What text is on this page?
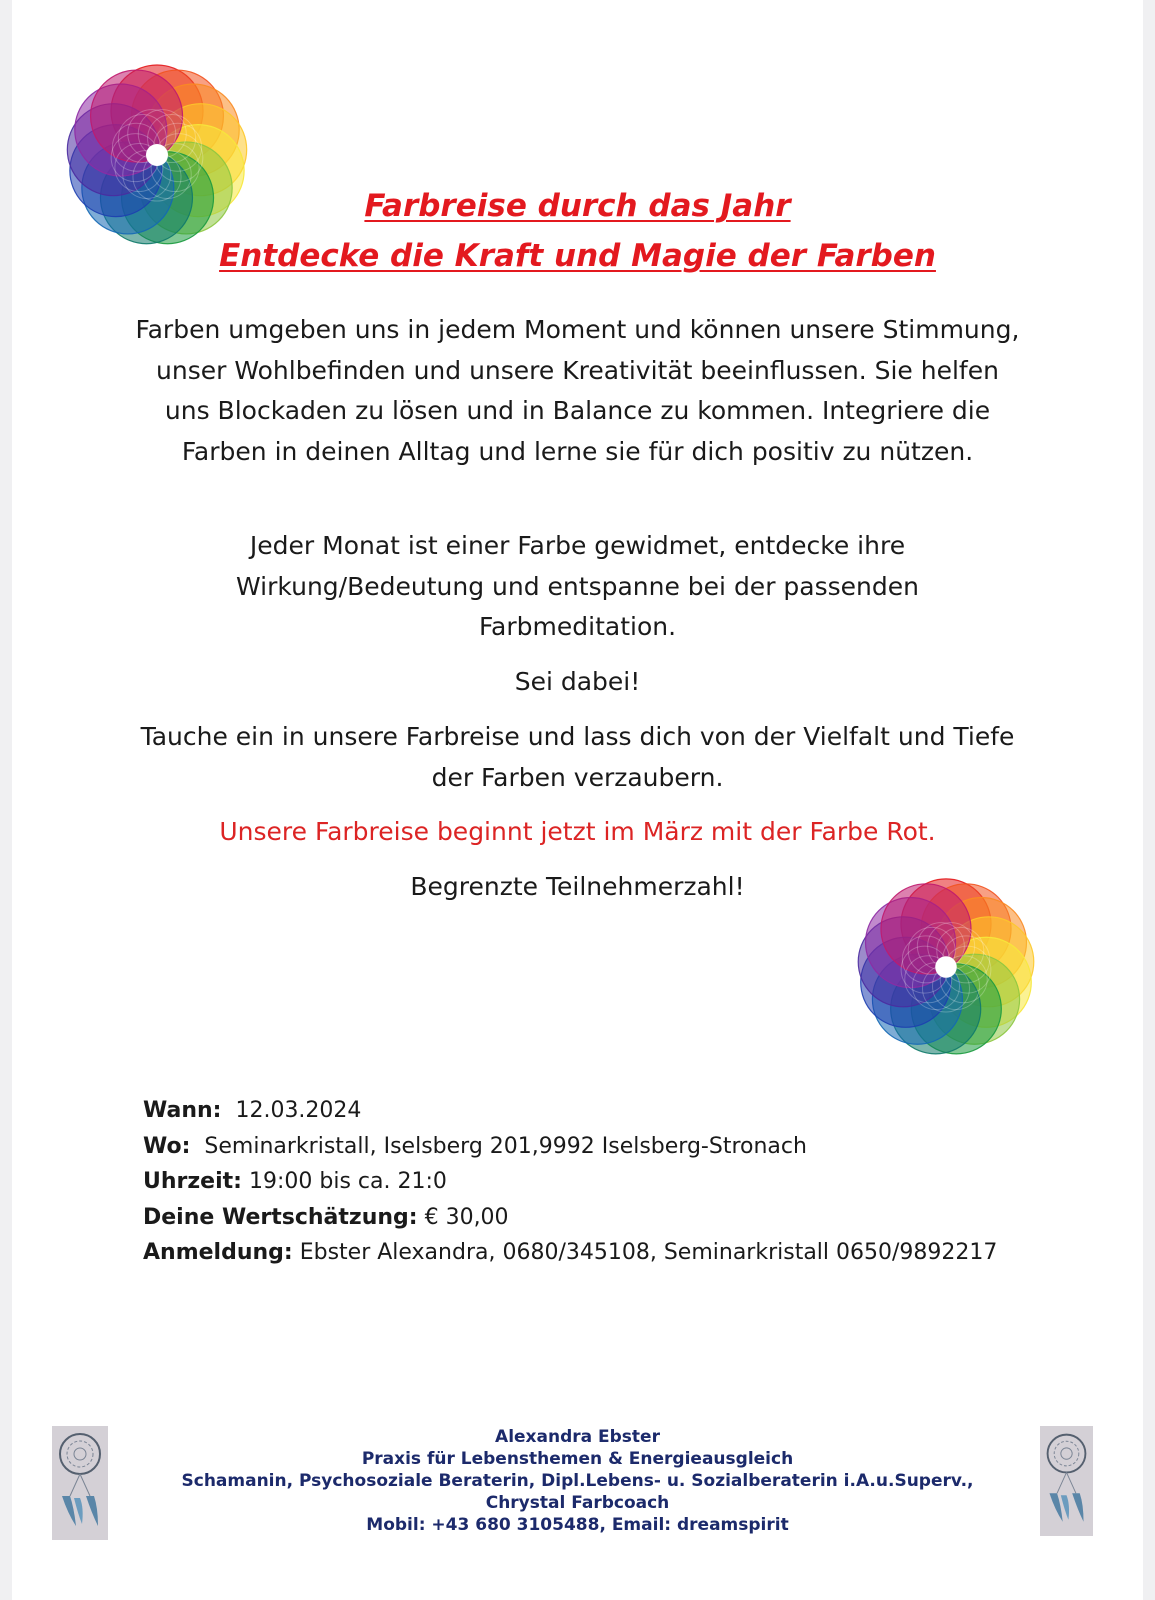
Farbreise durch das Jahr
Entdecke die Kraft und Magie der Farben

Farben umgeben uns in jedem Moment und können unsere Stimmung, unser Wohlbefinden und unsere Kreativität beeinflussen. Sie helfen uns Blockaden zu lösen und in Balance zu kommen. Integriere die Farben in deinen Alltag und lerne sie für dich positiv zu nützen.

Jeder Monat ist einer Farbe gewidmet, entdecke ihre Wirkung/Bedeutung und entspanne bei der passenden Farbmeditation.

Sei dabei!

Tauche ein in unsere Farbreise und lass dich von der Vielfalt und Tiefe der Farben verzaubern.

Unsere Farbreise beginnt jetzt im März mit der Farbe Rot.

Begrenzte Teilnehmerzahl!

Wann: 12.03.2024
Wo: Seminarkristall, Iselsberg 201,9992 Iselsberg-Stronach
Uhrzeit: 19:00 bis ca. 21:0
Deine Wertschätzung: € 30,00
Anmeldung: Ebster Alexandra, 0680/345108, Seminarkristall 0650/9892217
Alexandra Ebster
Praxis für Lebensthemen & Energieausgleich
Schamanin, Psychosoziale Beraterin, Dipl.Lebens- u. Sozialberaterin i.A.u.Superv.,
Chrystal Farbcoach
Mobil: +43 680 3105488, Email: dreamspirit
